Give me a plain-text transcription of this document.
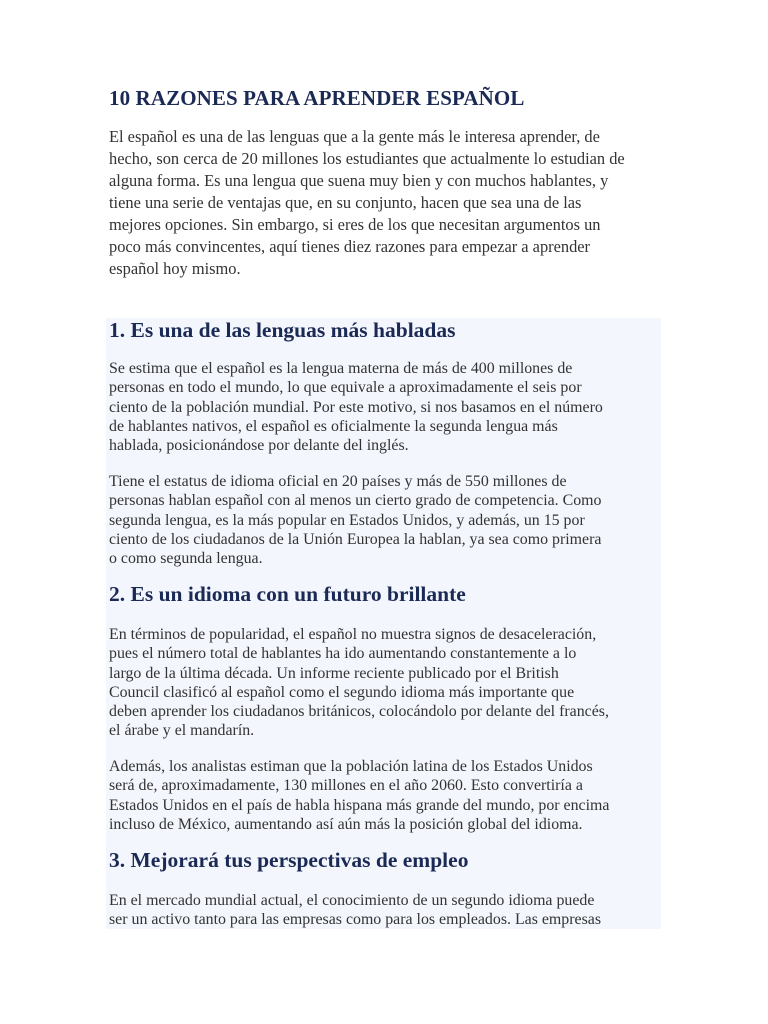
10 RAZONES PARA APRENDER ESPAÑOL

El español es una de las lenguas que a la gente más le interesa aprender, de
hecho, son cerca de 20 millones los estudiantes que actualmente lo estudian de
alguna forma. Es una lengua que suena muy bien y con muchos hablantes, y
tiene una serie de ventajas que, en su conjunto, hacen que sea una de las
mejores opciones. Sin embargo, si eres de los que necesitan argumentos un
poco más convincentes, aquí tienes diez razones para empezar a aprender
español hoy mismo.

1. Es una de las lenguas más habladas

Se estima que el español es la lengua materna de más de 400 millones de
personas en todo el mundo, lo que equivale a aproximadamente el seis por
ciento de la población mundial. Por este motivo, si nos basamos en el número
de hablantes nativos, el español es oficialmente la segunda lengua más
hablada, posicionándose por delante del inglés.

Tiene el estatus de idioma oficial en 20 países y más de 550 millones de
personas hablan español con al menos un cierto grado de competencia. Como
segunda lengua, es la más popular en Estados Unidos, y además, un 15 por
ciento de los ciudadanos de la Unión Europea la hablan, ya sea como primera
o como segunda lengua.

2. Es un idioma con un futuro brillante

En términos de popularidad, el español no muestra signos de desaceleración,
pues el número total de hablantes ha ido aumentando constantemente a lo
largo de la última década. Un informe reciente publicado por el British
Council clasificó al español como el segundo idioma más importante que
deben aprender los ciudadanos británicos, colocándolo por delante del francés,
el árabe y el mandarín.

Además, los analistas estiman que la población latina de los Estados Unidos
será de, aproximadamente, 130 millones en el año 2060. Esto convertiría a
Estados Unidos en el país de habla hispana más grande del mundo, por encima
incluso de México, aumentando así aún más la posición global del idioma.

3. Mejorará tus perspectivas de empleo

En el mercado mundial actual, el conocimiento de un segundo idioma puede
ser un activo tanto para las empresas como para los empleados. Las empresas
